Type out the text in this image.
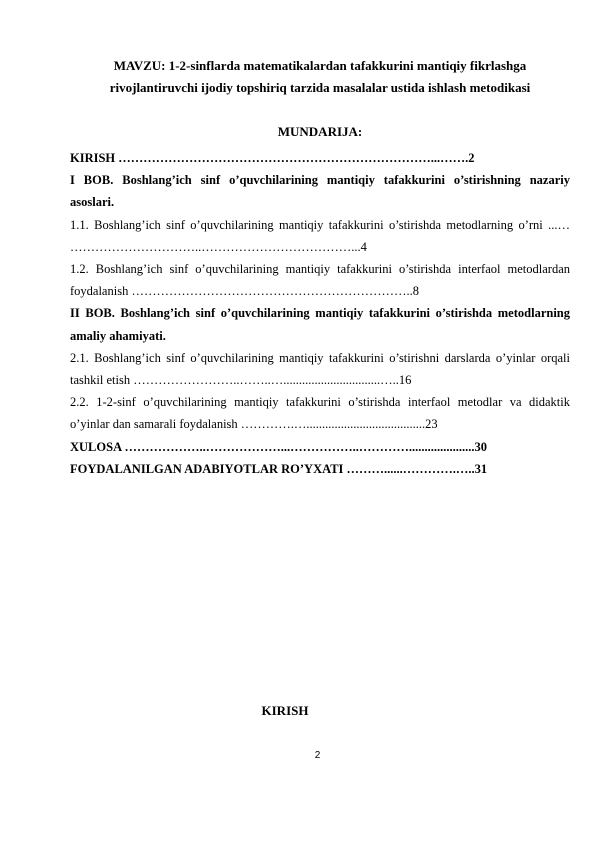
MAVZU: 1-2-sinflarda matematikalardan tafakkurini mantiqiy fikrlashga
rivojlantiruvchi ijodiy topshiriq tarzida masalalar ustida ishlash metodikasi
MUNDARIJA:

KIRISH …………………………………………………………………...…….2

I BOB. Boshlang’ich sinf o’quvchilarining mantiqiy tafakkurini o’stirishning nazariy asoslari.

1.1. Boshlang’ich sinf o’quvchilarining mantiqiy tafakkurini o’stirishda metodlarning o’rni ...… …………………………..………………………………...4

1.2. Boshlang’ich sinf o’quvchilarining mantiqiy tafakkurini o’stirishda interfaol metodlardan foydalanish …………………………………………………………..8

II BOB. Boshlang’ich sinf o’quvchilarining mantiqiy tafakkurini o’stirishda metodlarning amaliy ahamiyati.

2.1. Boshlang’ich sinf o’quvchilarining mantiqiy tafakkurini o’stirishni darslarda o’yinlar orqali tashkil etish ……………………..……..…...............................…..16

2.2. 1-2-sinf o’quvchilarining mantiqiy tafakkurini o’stirishda interfaol metodlar va didaktik o’yinlar dan samarali foydalanish ………….…......................................23

XULOSA ………………..………………...……………..………….....................30

FOYDALANILGAN ADABIYOTLAR RO’YXATI ………......………….…..31

KIRISH
2
